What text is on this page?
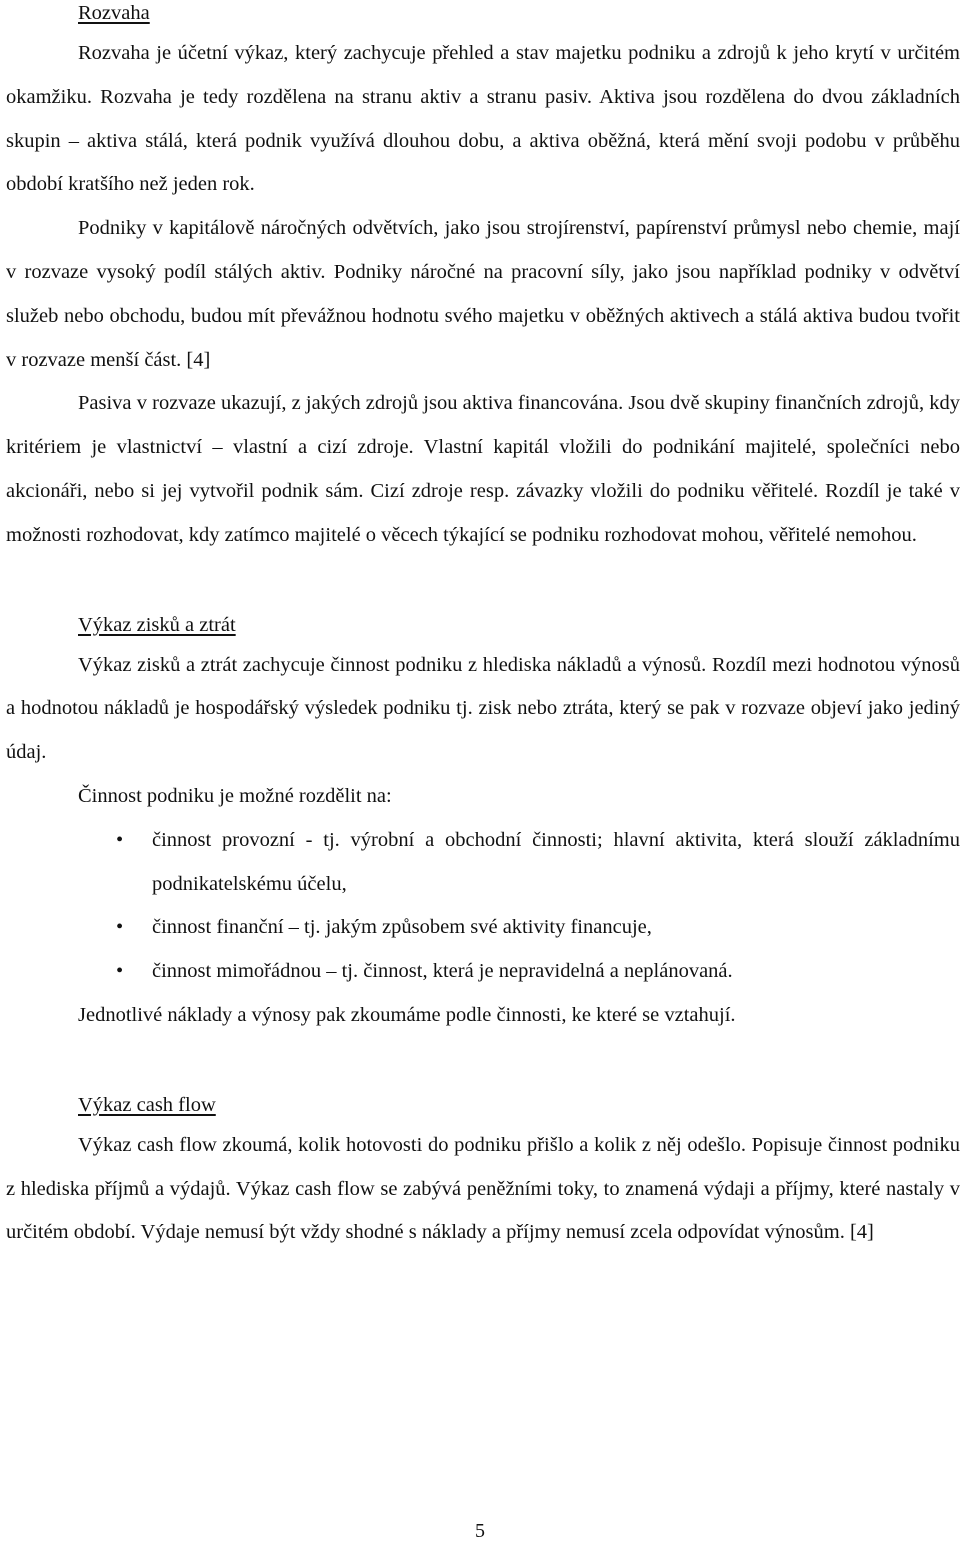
Rozvaha

Rozvaha je účetní výkaz, který zachycuje přehled a stav majetku podniku a zdrojů k jeho krytí v určitém okamžiku. Rozvaha je tedy rozdělena na stranu aktiv a stranu pasiv. Aktiva jsou rozdělena do dvou základních skupin – aktiva stálá, která podnik využívá dlouhou dobu, a aktiva oběžná, která mění svoji podobu v průběhu období kratšího než jeden rok.

Podniky v kapitálově náročných odvětvích, jako jsou strojírenství, papírenství průmysl nebo chemie, mají v rozvaze vysoký podíl stálých aktiv. Podniky náročné na pracovní síly, jako jsou například podniky v odvětví služeb nebo obchodu, budou mít převážnou hodnotu svého majetku v oběžných aktivech a stálá aktiva budou tvořit v rozvaze menší část. [4]

Pasiva v rozvaze ukazují, z jakých zdrojů jsou aktiva financována. Jsou dvě skupiny finančních zdrojů, kdy kritériem je vlastnictví – vlastní a cizí zdroje. Vlastní kapitál vložili do podnikání majitelé, společníci nebo akcionáři, nebo si jej vytvořil podnik sám. Cizí zdroje resp. závazky vložili do podniku věřitelé. Rozdíl je také v možnosti rozhodovat, kdy zatímco majitelé o věcech týkající se podniku rozhodovat mohou, věřitelé nemohou.

Výkaz zisků a ztrát

Výkaz zisků a ztrát zachycuje činnost podniku z hlediska nákladů a výnosů. Rozdíl mezi hodnotou výnosů a hodnotou nákladů je hospodářský výsledek podniku tj. zisk nebo ztráta, který se pak v rozvaze objeví jako jediný údaj.

Činnost podniku je možné rozdělit na:

• činnost provozní - tj. výrobní a obchodní činnosti; hlavní aktivita, která slouží základnímu podnikatelskému účelu,
• činnost finanční – tj. jakým způsobem své aktivity financuje,
• činnost mimořádnou – tj. činnost, která je nepravidelná a neplánovaná.

Jednotlivé náklady a výnosy pak zkoumáme podle činnosti, ke které se vztahují.

Výkaz cash flow

Výkaz cash flow zkoumá, kolik hotovosti do podniku přišlo a kolik z něj odešlo. Popisuje činnost podniku z hlediska příjmů a výdajů. Výkaz cash flow se zabývá peněžními toky, to znamená výdaji a příjmy, které nastaly v určitém období. Výdaje nemusí být vždy shodné s náklady a příjmy nemusí zcela odpovídat výnosům. [4]

5
